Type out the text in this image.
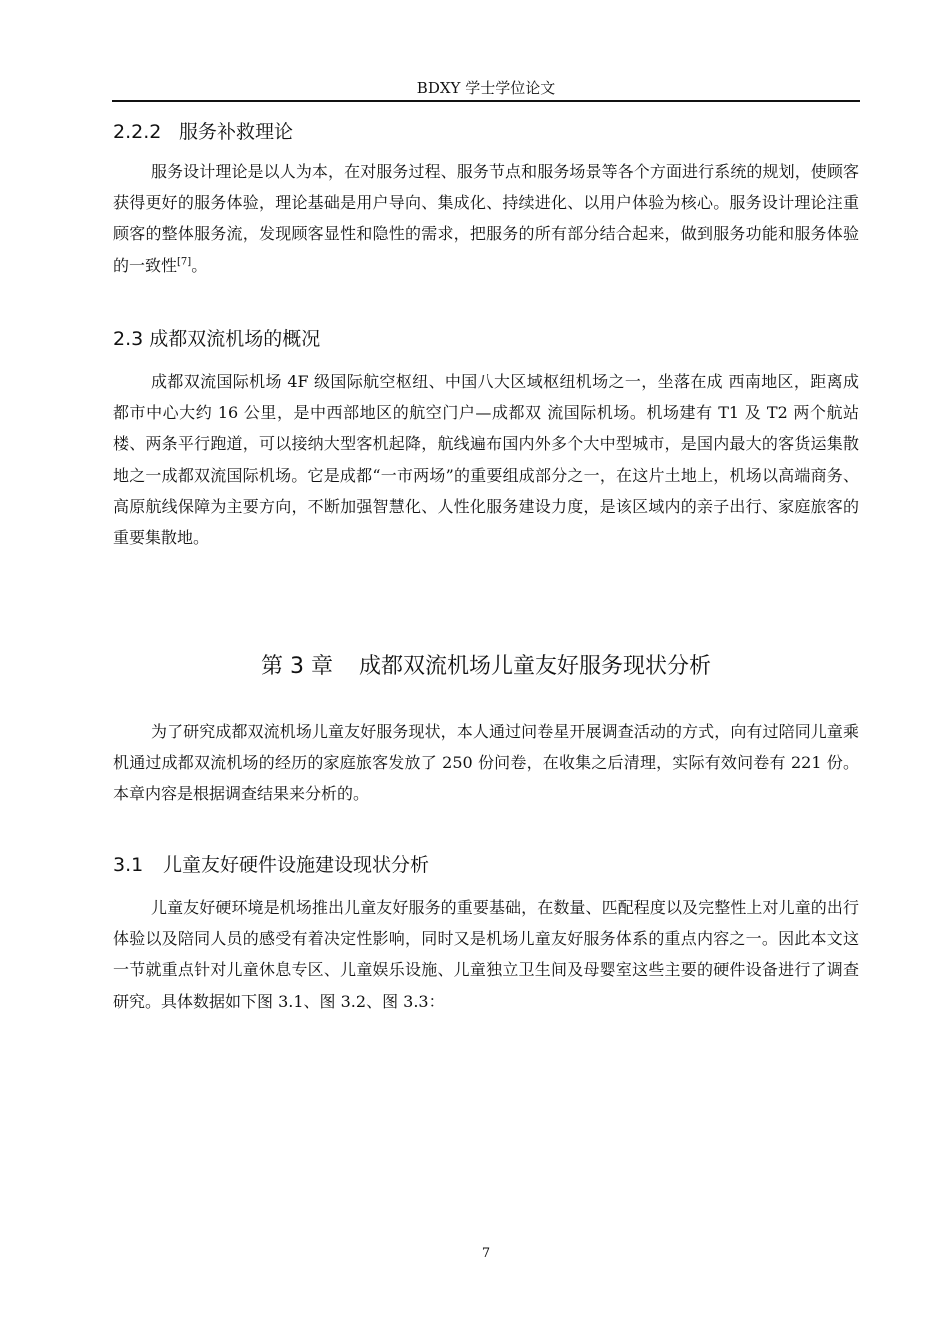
BDXY 学士学位论文
2.2.2 服务补救理论

服务设计理论是以人为本，在对服务过程、服务节点和服务场景等各个方面进行系统的规划，使顾客获得更好的服务体验，理论基础是用户导向、集成化、持续进化、以用户体验为核心。服务设计理论注重顾客的整体服务流，发现顾客显性和隐性的需求，把服务的所有部分结合起来，做到服务功能和服务体验的一致性[7]。

2.3 成都双流机场的概况

成都双流国际机场 4F 级国际航空枢纽、中国八大区域枢纽机场之一，坐落在成 西南地区，距离成都市中心大约 16 公里，是中西部地区的航空门户—成都双 流国际机场。机场建有 T1 及 T2 两个航站楼、两条平行跑道，可以接纳大型客机起降，航线遍布国内外多个大中型城市，是国内最大的客货运集散地之一成都双流国际机场。它是成都“一市两场”的重要组成部分之一，在这片土地上，机场以高端商务、高原航线保障为主要方向，不断加强智慧化、人性化服务建设力度，是该区域内的亲子出行、家庭旅客的重要集散地。

第 3 章 成都双流机场儿童友好服务现状分析

为了研究成都双流机场儿童友好服务现状，本人通过问卷星开展调查活动的方式，向有过陪同儿童乘机通过成都双流机场的经历的家庭旅客发放了 250 份问卷，在收集之后清理，实际有效问卷有 221 份。本章内容是根据调查结果来分析的。

3.1 儿童友好硬件设施建设现状分析

儿童友好硬环境是机场推出儿童友好服务的重要基础，在数量、匹配程度以及完整性上对儿童的出行体验以及陪同人员的感受有着决定性影响，同时又是机场儿童友好服务体系的重点内容之一。因此本文这一节就重点针对儿童休息专区、儿童娱乐设施、儿童独立卫生间及母婴室这些主要的硬件设备进行了调查研究。具体数据如下图 3.1、图 3.2、图 3.3：

7
